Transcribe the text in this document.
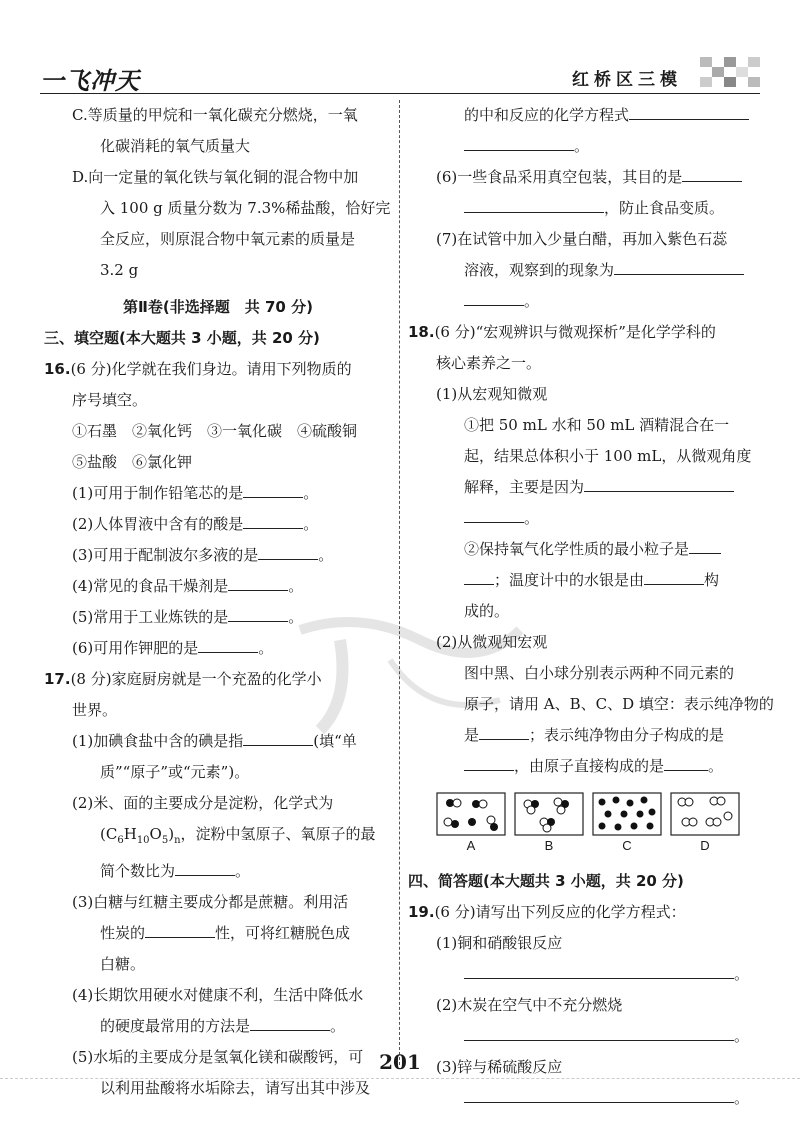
一飞冲天	红桥区三模
C.等质量的甲烷和一氧化碳充分燃烧，一氧
化碳消耗的氧气质量大
D.向一定量的氧化铁与氧化铜的混合物中加
入 100 g 质量分数为 7.3%稀盐酸，恰好完
全反应，则原混合物中氧元素的质量是
3.2 g
第Ⅱ卷(非选择题　共 70 分)
三、填空题(本大题共 3 小题，共 20 分)
16.(6 分)化学就在我们身边。请用下列物质的
序号填空。
①石墨　②氧化钙　③一氧化碳　④硫酸铜
⑤盐酸　⑥氯化钾
(1)可用于制作铅笔芯的是	。
(2)人体胃液中含有的酸是	。
(3)可用于配制波尔多液的是	。
(4)常见的食品干燥剂是	。
(5)常用于工业炼铁的是	。
(6)可用作钾肥的是	。
17.(8 分)家庭厨房就是一个充盈的化学小
世界。
(1)加碘食盐中含的碘是指	(填“单
质”“原子”或“元素”)。
(2)米、面的主要成分是淀粉，化学式为
$(C_6H_{10}O_5)_n$，淀粉中氢原子、氧原子的最
简个数比为	。
(3)白糖与红糖主要成分都是蔗糖。利用活
性炭的	性，可将红糖脱色成
白糖。
(4)长期饮用硬水对健康不利，生活中降低水
的硬度最常用的方法是	。
(5)水垢的主要成分是氢氧化镁和碳酸钙，可
以利用盐酸将水垢除去，请写出其中涉及
的中和反应的化学方程式
。
(6)一些食品采用真空包装，其目的是
，防止食品变质。
(7)在试管中加入少量白醋，再加入紫色石蕊
溶液，观察到的现象为
。
18.(6 分)“宏观辨识与微观探析”是化学学科的
核心素养之一。
(1)从宏观知微观
①把 50 mL 水和 50 mL 酒精混合在一
起，结果总体积小于 100 mL，从微观角度
解释，主要是因为
。
②保持氧气化学性质的最小粒子是
；温度计中的水银是由	构
成的。
(2)从微观知宏观
图中黑、白小球分别表示两种不同元素的
原子，请用 A、B、C、D 填空：表示纯净物的
是	；表示纯净物由分子构成的是
，由原子直接构成的是	。
A	B	C	D
四、简答题(本大题共 3 小题，共 20 分)
19.(6 分)请写出下列反应的化学方程式：
(1)铜和硝酸银反应
。
(2)木炭在空气中不充分燃烧
。
(3)锌与稀硫酸反应
。
201
